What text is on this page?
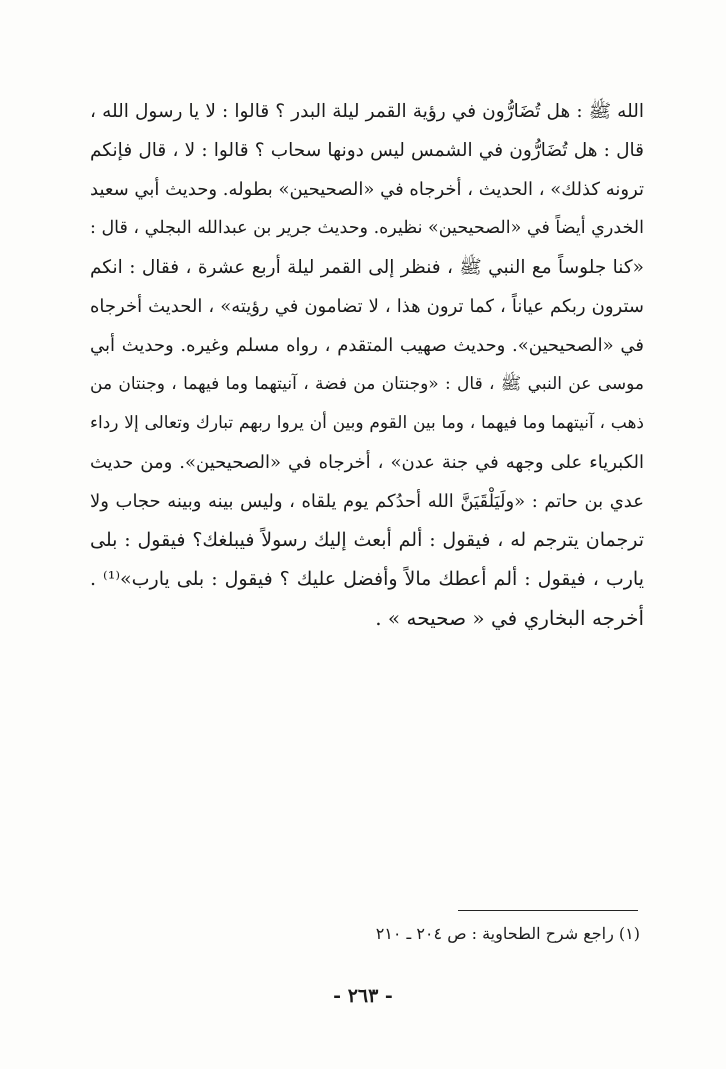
الله ﷺ : هل تُضَارُّون في رؤية القمر ليلة البدر ؟ قالوا : لا يا رسول الله ،
قال : هل تُضَارُّون في الشمس ليس دونها سحاب ؟ قالوا : لا ، قال فإنكم
ترونه كذلك» ، الحديث ، أخرجاه في «الصحيحين» بطوله. وحديث أبي سعيد
الخدري أيضاً في «الصحيحين» نظيره. وحديث جرير بن عبدالله البجلي ، قال :
«كنا جلوساً مع النبي ﷺ ، فنظر إلى القمر ليلة أربع عشرة ، فقال : انكم
سترون ربكم عياناً ، كما ترون هذا ، لا تضامون في رؤيته» ، الحديث أخرجاه
في «الصحيحين». وحديث صهيب المتقدم ، رواه مسلم وغيره. وحديث أبي
موسى عن النبي ﷺ ، قال : «وجنتان من فضة ، آنيتهما وما فيهما ، وجنتان من
ذهب ، آنيتهما وما فيهما ، وما بين القوم وبين أن يروا ربهم تبارك وتعالى إلا رداء
الكبرياء على وجهه في جنة عدن» ، أخرجاه في «الصحيحين». ومن حديث
عدي بن حاتم : «ولَيَلْقَيَنَّ الله أحدُكم يوم يلقاه ، وليس بينه وبينه حجاب ولا
ترجمان يترجم له ، فيقول : ألم أبعث إليك رسولاً فيبلغك؟ فيقول : بلى
يارب ، فيقول : ألم أعطك مالاً وأفضل عليك ؟ فيقول : بلى يارب»⁽¹⁾ .
أخرجه البخاري في « صحيحه » .
(١) راجع شرح الطحاوية : ص ٢٠٤ ـ ٢١٠
- ٢٦٣ -
